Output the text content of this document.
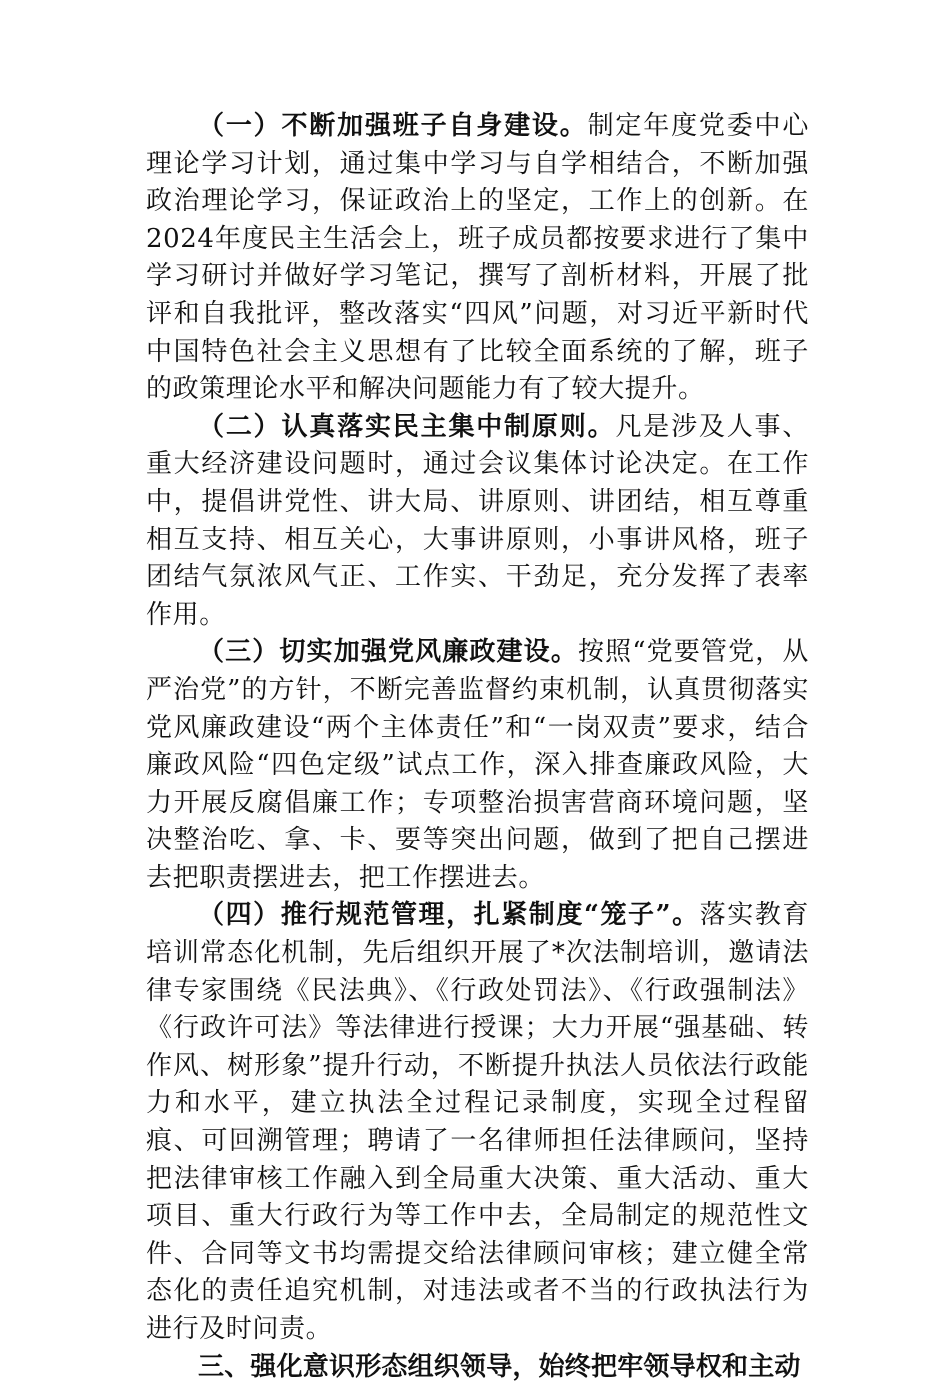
（一）不断加强班子自身建设。制定年度党委中心理论学习计划，通过集中学习与自学相结合，不断加强政治理论学习，保证政治上的坚定，工作上的创新。在2024年度民主生活会上，班子成员都按要求进行了集中学习研讨并做好学习笔记，撰写了剖析材料，开展了批评和自我批评，整改落实“四风”问题，对习近平新时代中国特色社会主义思想有了比较全面系统的了解，班子的政策理论水平和解决问题能力有了较大提升。

（二）认真落实民主集中制原则。凡是涉及人事、重大经济建设问题时，通过会议集体讨论决定。在工作中，提倡讲党性、讲大局、讲原则、讲团结，相互尊重相互支持、相互关心，大事讲原则，小事讲风格，班子团结气氛浓风气正、工作实、干劲足，充分发挥了表率作用。

（三）切实加强党风廉政建设。按照“党要管党，从严治党”的方针，不断完善监督约束机制，认真贯彻落实党风廉政建设“两个主体责任”和“一岗双责”要求，结合廉政风险“四色定级”试点工作，深入排查廉政风险，大力开展反腐倡廉工作；专项整治损害营商环境问题，坚决整治吃、拿、卡、要等突出问题，做到了把自己摆进去把职责摆进去，把工作摆进去。

（四）推行规范管理，扎紧制度“笼子”。落实教育培训常态化机制，先后组织开展了*次法制培训，邀请法律专家围绕《民法典》、《行政处罚法》、《行政强制法》《行政许可法》等法律进行授课；大力开展“强基础、转作风、树形象”提升行动，不断提升执法人员依法行政能力和水平，建立执法全过程记录制度，实现全过程留痕、可回溯管理；聘请了一名律师担任法律顾问，坚持把法律审核工作融入到全局重大决策、重大活动、重大项目、重大行政行为等工作中去，全局制定的规范性文件、合同等文书均需提交给法律顾问审核；建立健全常态化的责任追究机制，对违法或者不当的行政执法行为进行及时问责。

三、强化意识形态组织领导，始终把牢领导权和主动
